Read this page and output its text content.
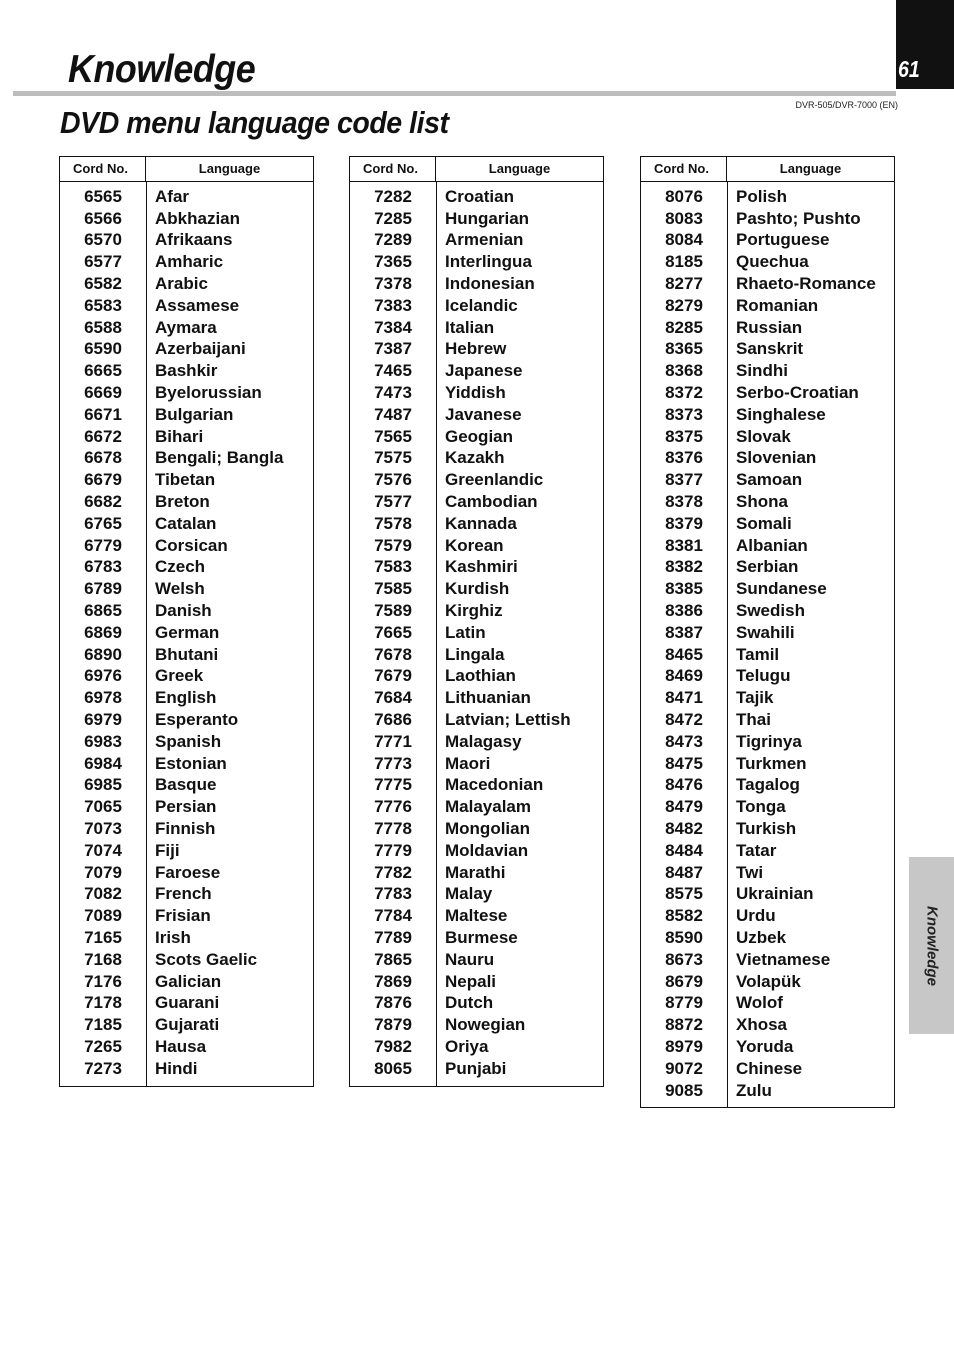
Knowledge	61
DVR-505/DVR-7000 (EN)
DVD menu language code list
Cord No.	Language
6565	Afar
6566	Abkhazian
6570	Afrikaans
6577	Amharic
6582	Arabic
6583	Assamese
6588	Aymara
6590	Azerbaijani
6665	Bashkir
6669	Byelorussian
6671	Bulgarian
6672	Bihari
6678	Bengali; Bangla
6679	Tibetan
6682	Breton
6765	Catalan
6779	Corsican
6783	Czech
6789	Welsh
6865	Danish
6869	German
6890	Bhutani
6976	Greek
6978	English
6979	Esperanto
6983	Spanish
6984	Estonian
6985	Basque
7065	Persian
7073	Finnish
7074	Fiji
7079	Faroese
7082	French
7089	Frisian
7165	Irish
7168	Scots Gaelic
7176	Galician
7178	Guarani
7185	Gujarati
7265	Hausa
7273	Hindi
Cord No.	Language
7282	Croatian
7285	Hungarian
7289	Armenian
7365	Interlingua
7378	Indonesian
7383	Icelandic
7384	Italian
7387	Hebrew
7465	Japanese
7473	Yiddish
7487	Javanese
7565	Geogian
7575	Kazakh
7576	Greenlandic
7577	Cambodian
7578	Kannada
7579	Korean
7583	Kashmiri
7585	Kurdish
7589	Kirghiz
7665	Latin
7678	Lingala
7679	Laothian
7684	Lithuanian
7686	Latvian; Lettish
7771	Malagasy
7773	Maori
7775	Macedonian
7776	Malayalam
7778	Mongolian
7779	Moldavian
7782	Marathi
7783	Malay
7784	Maltese
7789	Burmese
7865	Nauru
7869	Nepali
7876	Dutch
7879	Nowegian
7982	Oriya
8065	Punjabi
Cord No.	Language
8076	Polish
8083	Pashto; Pushto
8084	Portuguese
8185	Quechua
8277	Rhaeto-Romance
8279	Romanian
8285	Russian
8365	Sanskrit
8368	Sindhi
8372	Serbo-Croatian
8373	Singhalese
8375	Slovak
8376	Slovenian
8377	Samoan
8378	Shona
8379	Somali
8381	Albanian
8382	Serbian
8385	Sundanese
8386	Swedish
8387	Swahili
8465	Tamil
8469	Telugu
8471	Tajik
8472	Thai
8473	Tigrinya
8475	Turkmen
8476	Tagalog
8479	Tonga
8482	Turkish
8484	Tatar
8487	Twi
8575	Ukrainian
8582	Urdu
8590	Uzbek
8673	Vietnamese
8679	Volapük
8779	Wolof
8872	Xhosa
8979	Yoruda
9072	Chinese
9085	Zulu
Knowledge
